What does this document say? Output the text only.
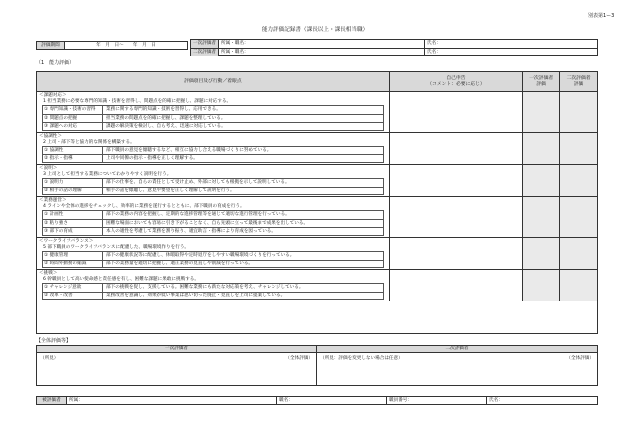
別表第1ー3
能力評価記録書（課長以上・課長相当職）
評価期間	年　月　日～　　年　月　日	一次評価者	所属・職名：	氏名：
二次評価者	所属・職名：	氏名：
（1　能力評価）
評価項目及び行動／着眼点
自己申告
（コメント：必要に応じ）
一次評価者
評価
二次評価者
評価
＜課題対応＞
1 担当業務に必要な専門的知識・技術を習得し、問題点を的確に把握し、課題に対応する。
① 専門知識・技術の習得	業務に関する専門的知識・技術を習得し、応用できる。
② 問題点の把握	担当業務の問題点を的確に把握し、課題を整理している。
③ 課題への対応	課題の解決策を検討し、自ら考え、迅速に対応している。
＜協調性＞
2 上司・部下等と協力的な関係を構築する。
① 協調性	部下職員の意見を傾聴するなど、相互に協力し合える職場づくりに努めている。
② 指示・指導	上司や同僚の指示・指導を正しく理解する。
＜説明＞
3 上司として担当する業務についてわかりやすく説明を行う。
① 説明力	部下の仕事を、自らの責任として受け止め、外部に対しても根拠を示して説明している。
② 相手の話の理解	相手の話を傾聴し、意見や要望を正しく理解して説明を行う。
＜業務運営＞
4 ラインや全体の進捗をチェックし、効率的に業務を遂行するとともに、部下職員の育成を行う。
① 計画性	部下の業務の内容を把握し、定期的な進捗管理等を通じて適切な進行管理を行っている。
② 粘り強さ	困難な場面においても容易に引き下がることなく、自ら先頭に立って最後まで成果を出している。
③ 部下の育成	本人の適性を考慮して業務を割り振り、適宜助言・指導により育成を図っている。
＜ワークライフバランス＞
5 部下職員のワークライフバランスに配慮した、職場環境作りを行う。
① 健康管理	部下の健康状況等に配慮し、休暇取得や定時退庁をしやすい職場環境づくりを行っている。
② 時間外勤務の縮減	部下の業務量を適切に把握し、適正業務の見直しや削減を行っている。
＜挑戦＞
6 幹職員として高い使命感と責任感を有し、困難な課題に果敢に挑戦する。
① チャレンジ意欲	部下の挑戦を促し、支援している。困難な業務にも新たな対応策を考え、チャレンジしている。
② 改革・改善	業務改善を意識し、効果が低い事業は思い切った廃止・見直しを上司に提案している。
【全体評価等】
一次評価者	二次評価者
（所見）	（全体評価） （所見：評価を変更しない場合は任意）	（全体評価）
被評価者	所属：	職名：	職員番号：	氏名：
